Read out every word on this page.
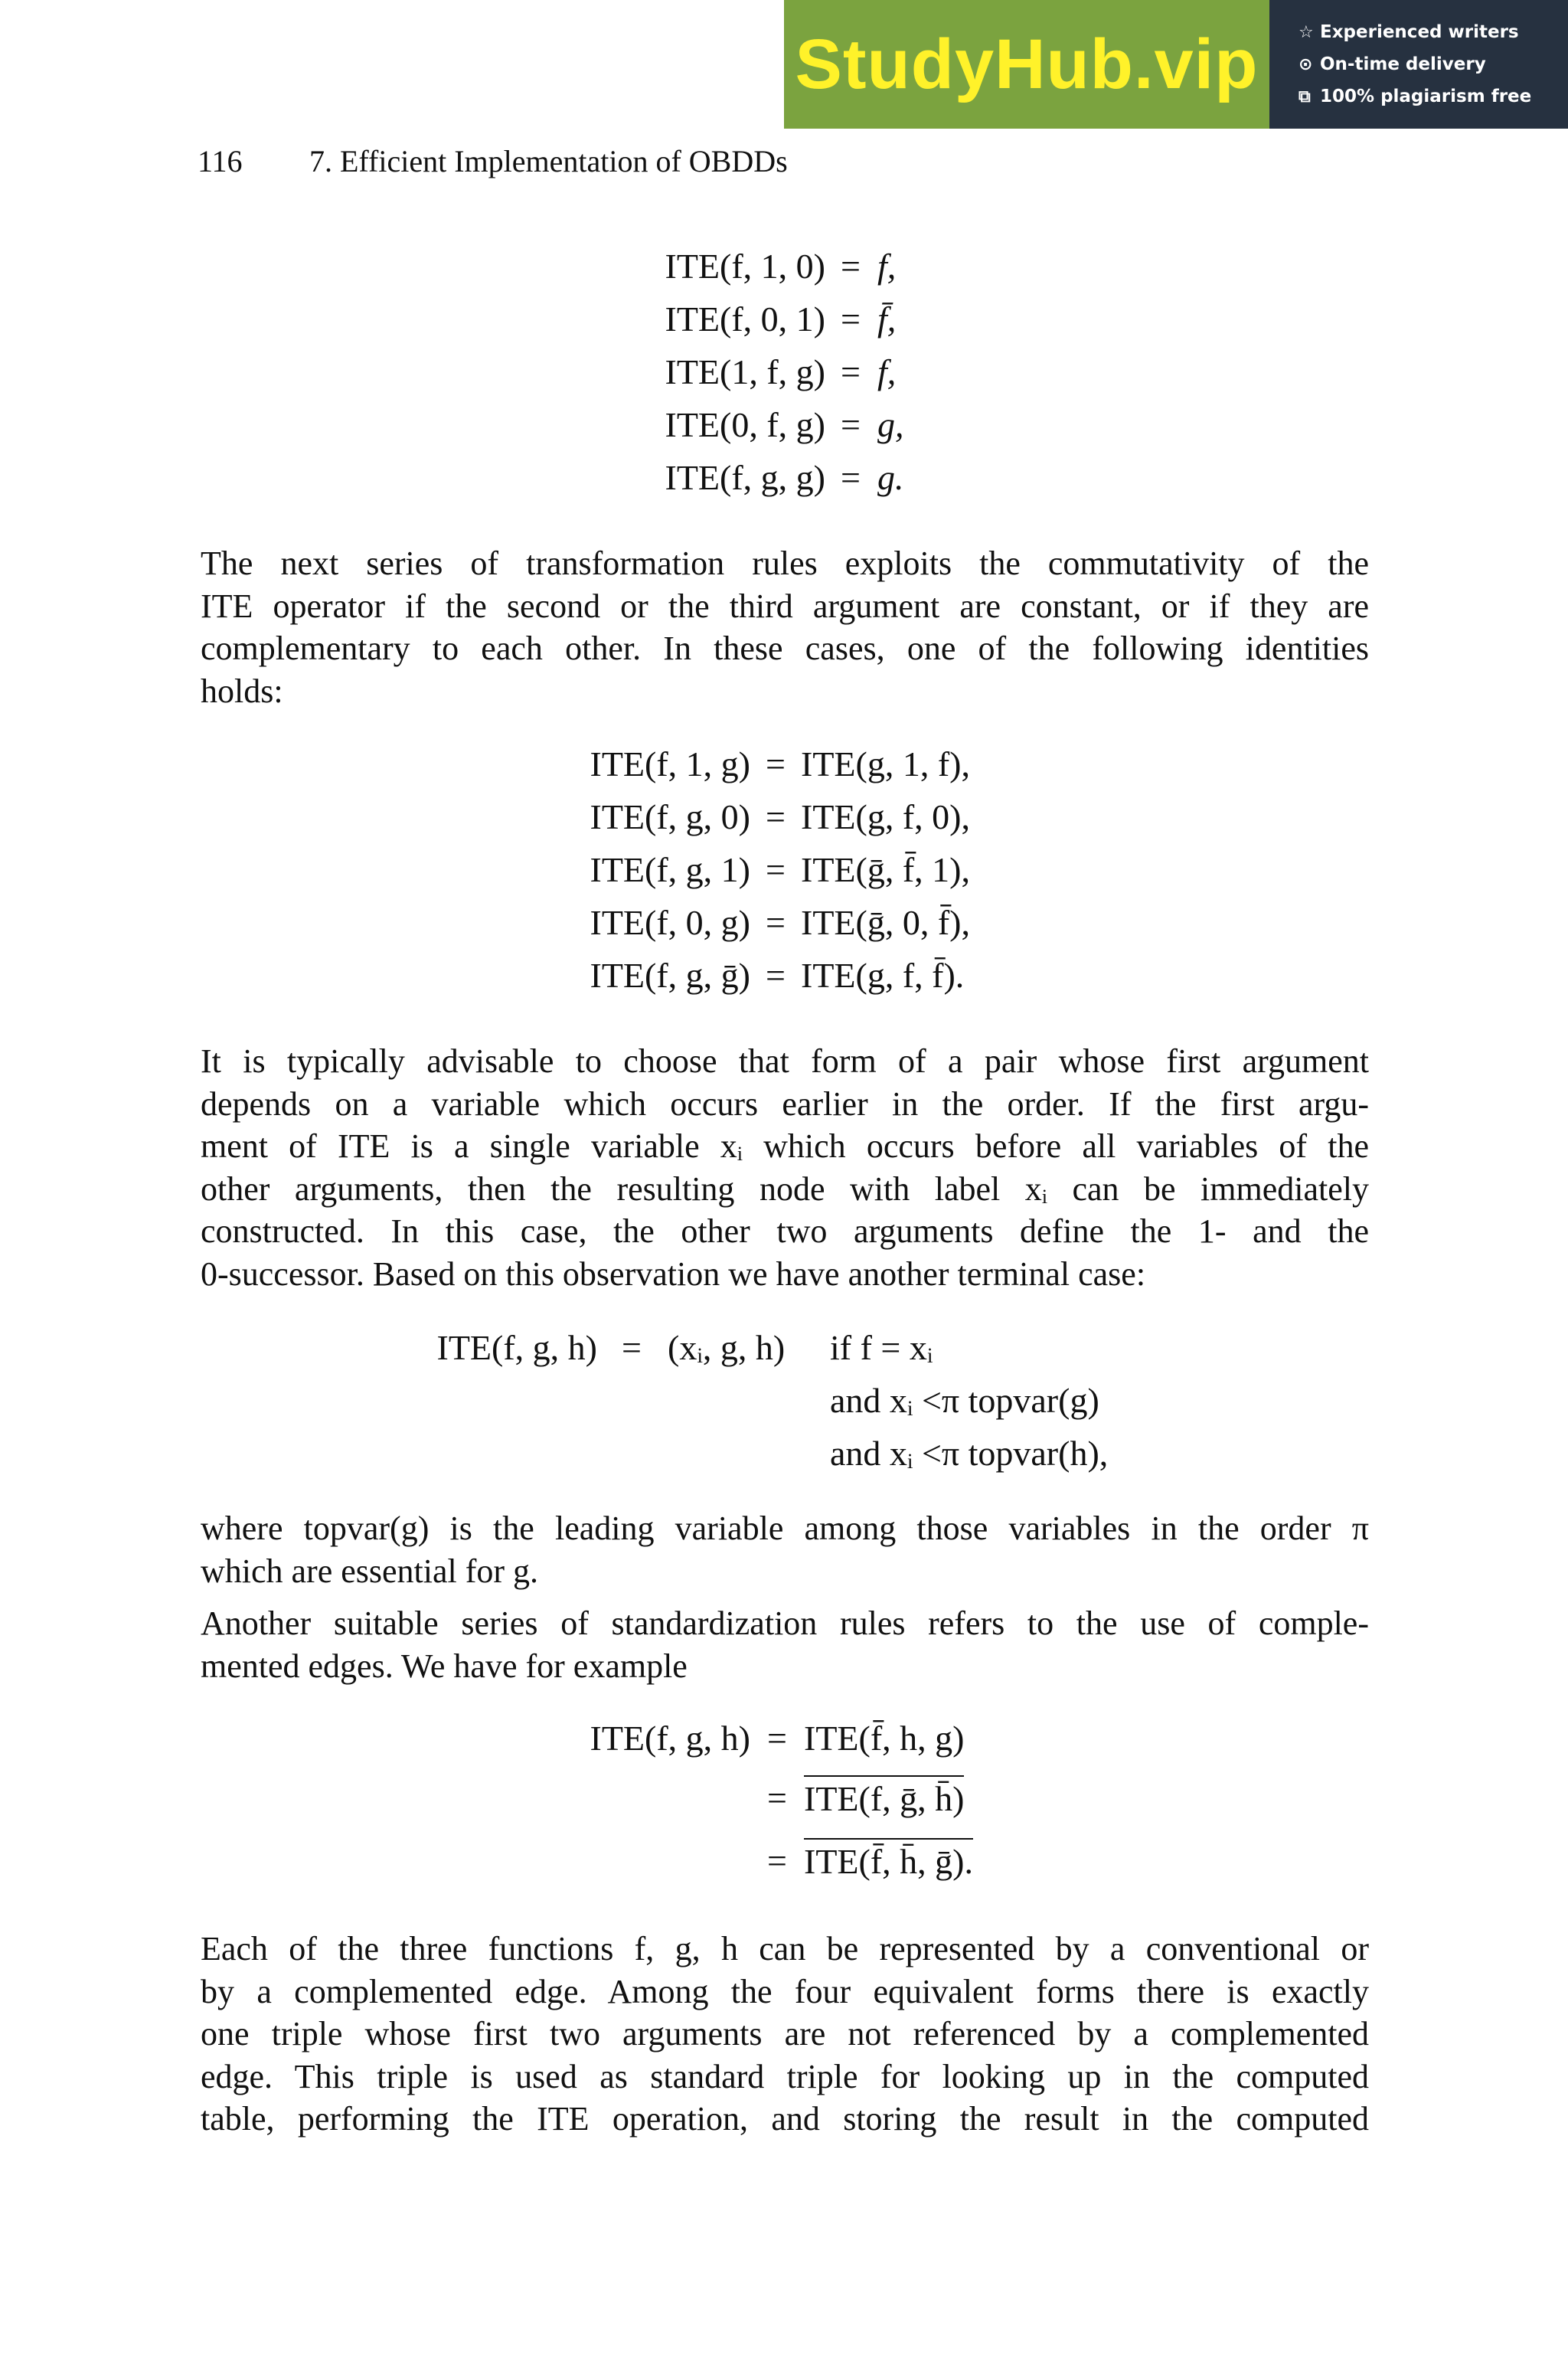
StudyHub.vip ☆ Experienced writers
⊙ On-time delivery
⧉ 100% plagiarism free
116 7. Efficient Implementation of OBDDs
ITE(f, 1, 0) = f,
ITE(f, 0, 1) = f̄,
ITE(1, f, g) = f,
ITE(0, f, g) = g,
ITE(f, g, g) = g.
The next series of transformation rules exploits the commutativity of the
ITE operator if the second or the third argument are constant, or if they are
complementary to each other. In these cases, one of the following identities
holds:
ITE(f, 1, g) = ITE(g, 1, f),
ITE(f, g, 0) = ITE(g, f, 0),
ITE(f, g, 1) = ITE(ḡ, f̄, 1),
ITE(f, 0, g) = ITE(ḡ, 0, f̄),
ITE(f, g, ḡ) = ITE(g, f, f̄).
It is typically advisable to choose that form of a pair whose first argument
depends on a variable which occurs earlier in the order. If the first argu-
ment of ITE is a single variable xᵢ which occurs before all variables of the
other arguments, then the resulting node with label xᵢ can be immediately
constructed. In this case, the other two arguments define the 1- and the
0-successor. Based on this observation we have another terminal case:
ITE(f, g, h) = (xᵢ, g, h) if f = xᵢ
and xᵢ <π topvar(g)
and xᵢ <π topvar(h),
where topvar(g) is the leading variable among those variables in the order π
which are essential for g.
Another suitable series of standardization rules refers to the use of comple-
mented edges. We have for example
ITE(f, g, h) = ITE(f̄, h, g)
= ITE(f, ḡ, h̄)
= ITE(f̄, h̄, ḡ).
Each of the three functions f, g, h can be represented by a conventional or
by a complemented edge. Among the four equivalent forms there is exactly
one triple whose first two arguments are not referenced by a complemented
edge. This triple is used as standard triple for looking up in the computed
table, performing the ITE operation, and storing the result in the computed
